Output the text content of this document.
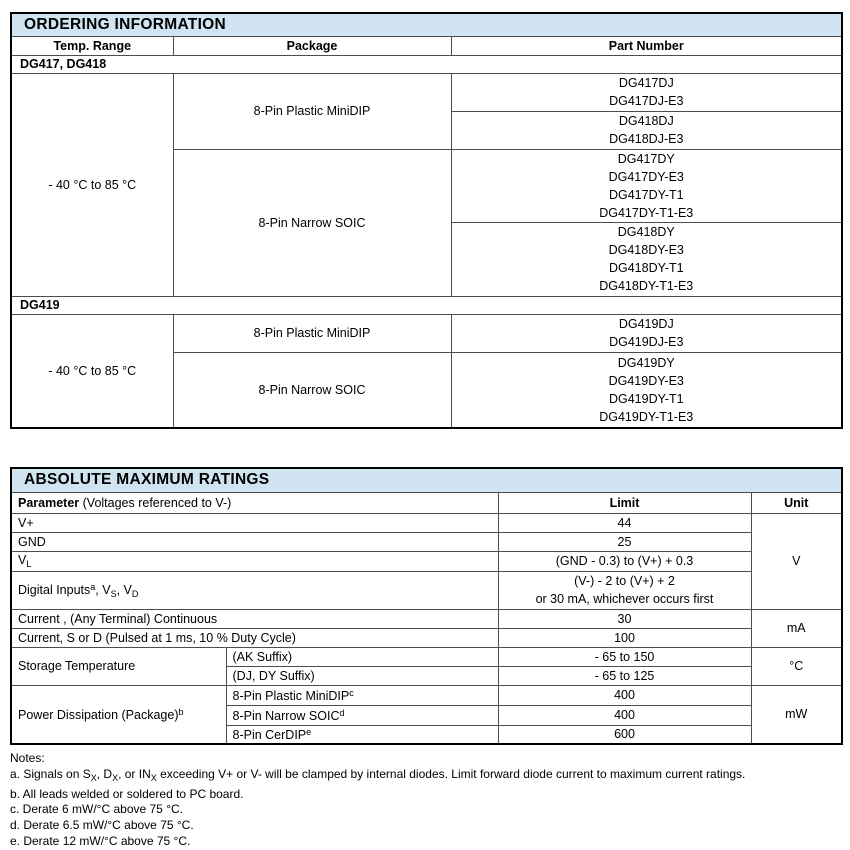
ORDERING INFORMATION		
Temp. Range	Package	Part Number
DG417, DG418		
- 40 °C to 85 °C	8-Pin Plastic MiniDIP	DG417DJ
DG417DJ-E3

		DG418DJ
DG418DJ-E3

	8-Pin Narrow SOIC	DG417DY
DG417DY-E3
DG417DY-T1
DG417DY-T1-E3

		DG418DY
DG418DY-E3
DG418DY-T1
DG418DY-T1-E3

DG419		
- 40 °C to 85 °C	8-Pin Plastic MiniDIP	DG419DJ
DG419DJ-E3

	8-Pin Narrow SOIC	DG419DY
DG419DY-E3
DG419DY-T1
DG419DY-T1-E3
ABSOLUTE MAXIMUM RATINGS			
Parameter (Voltages referenced to V-)		Limit	Unit
V+		44	V
GND		25	
$V_L$		(GND - 0.3) to (V+) + 0.3	
Digital Inputs$^a$, $V_S$, $V_D$		(V-) - 2 to (V+) + 2
or 30 mA, whichever occurs first	

Current , (Any Terminal) Continuous		30	mA
Current, S or D (Pulsed at 1 ms, 10 % Duty Cycle)		100	
Storage Temperature	(AK Suffix)	- 65 to 150	°C
	(DJ, DY Suffix)	- 65 to 125	
Power Dissipation (Package)$^b$	8-Pin Plastic MiniDIP$^c$	400	mW
	8-Pin Narrow SOIC$^d$	400	
	8-Pin CerDIP$^e$	600	
Notes:
a. Signals on $S_X$, $D_X$, or $IN_X$ exceeding V+ or V- will be clamped by internal diodes. Limit forward diode current to maximum current ratings.
b. All leads welded or soldered to PC board.
c. Derate 6 mW/°C above 75 °C.
d. Derate 6.5 mW/°C above 75 °C.
e. Derate 12 mW/°C above 75 °C.
